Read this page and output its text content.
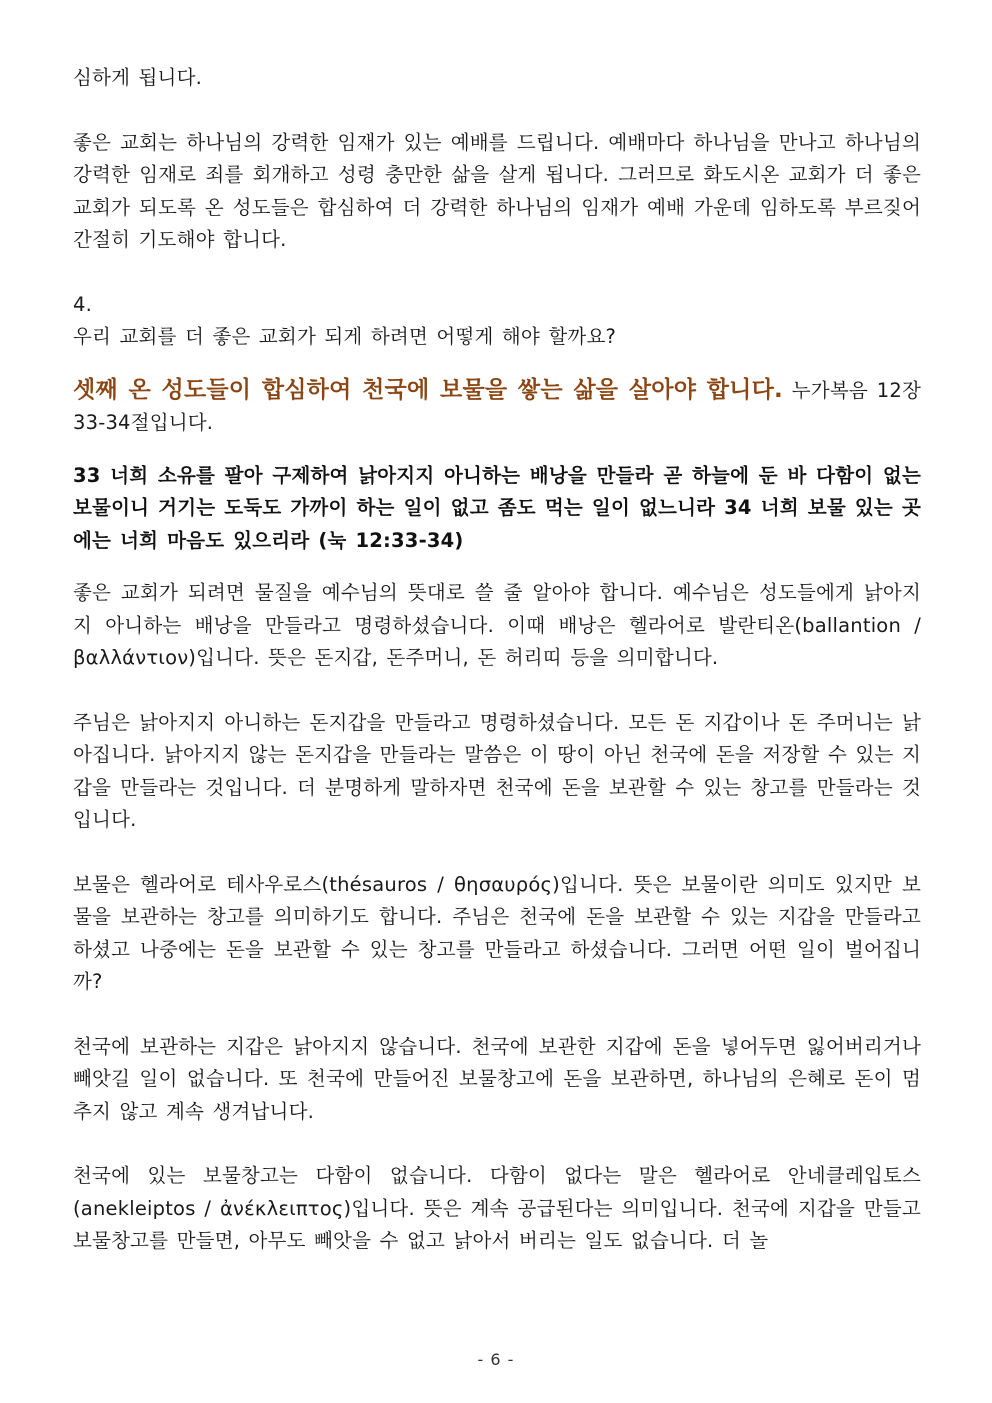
심하게 됩니다.

좋은 교회는 하나님의 강력한 임재가 있는 예배를 드립니다. 예배마다 하나님을 만나고 하나님의 강력한 임재로 죄를 회개하고 성령 충만한 삶을 살게 됩니다. 그러므로 화도시온 교회가 더 좋은 교회가 되도록 온 성도들은 합심하여 더 강력한 하나님의 임재가 예배 가운데 임하도록 부르짖어 간절히 기도해야 합니다.

4.

우리 교회를 더 좋은 교회가 되게 하려면 어떻게 해야 할까요?

셋째 온 성도들이 합심하여 천국에 보물을 쌓는 삶을 살아야 합니다. 누가복음 12장 33-34절입니다.

33 너희 소유를 팔아 구제하여 낡아지지 아니하는 배낭을 만들라 곧 하늘에 둔 바 다함이 없는 보물이니 거기는 도둑도 가까이 하는 일이 없고 좀도 먹는 일이 없느니라 34 너희 보물 있는 곳에는 너희 마음도 있으리라 (눅 12:33-34)

좋은 교회가 되려면 물질을 예수님의 뜻대로 쓸 줄 알아야 합니다. 예수님은 성도들에게 낡아지지 아니하는 배낭을 만들라고 명령하셨습니다. 이때 배낭은 헬라어로 발란티온(ballantion / βαλλάντιον)입니다. 뜻은 돈지갑, 돈주머니, 돈 허리띠 등을 의미합니다.

주님은 낡아지지 아니하는 돈지갑을 만들라고 명령하셨습니다. 모든 돈 지갑이나 돈 주머니는 낡아집니다. 낡아지지 않는 돈지갑을 만들라는 말씀은 이 땅이 아닌 천국에 돈을 저장할 수 있는 지갑을 만들라는 것입니다. 더 분명하게 말하자면 천국에 돈을 보관할 수 있는 창고를 만들라는 것입니다.

보물은 헬라어로 테사우로스(thésauros / θησαυρός)입니다. 뜻은 보물이란 의미도 있지만 보물을 보관하는 창고를 의미하기도 합니다. 주님은 천국에 돈을 보관할 수 있는 지갑을 만들라고 하셨고 나중에는 돈을 보관할 수 있는 창고를 만들라고 하셨습니다. 그러면 어떤 일이 벌어집니까?

천국에 보관하는 지갑은 낡아지지 않습니다. 천국에 보관한 지갑에 돈을 넣어두면 잃어버리거나 빼앗길 일이 없습니다. 또 천국에 만들어진 보물창고에 돈을 보관하면, 하나님의 은혜로 돈이 멈추지 않고 계속 생겨납니다.

천국에 있는 보물창고는 다함이 없습니다. 다함이 없다는 말은 헬라어로 안네클레입토스(anekleiptos / ἀνέκλειπτος)입니다. 뜻은 계속 공급된다는 의미입니다. 천국에 지갑을 만들고 보물창고를 만들면, 아무도 빼앗을 수 없고 낡아서 버리는 일도 없습니다. 더 놀

- 6 -
